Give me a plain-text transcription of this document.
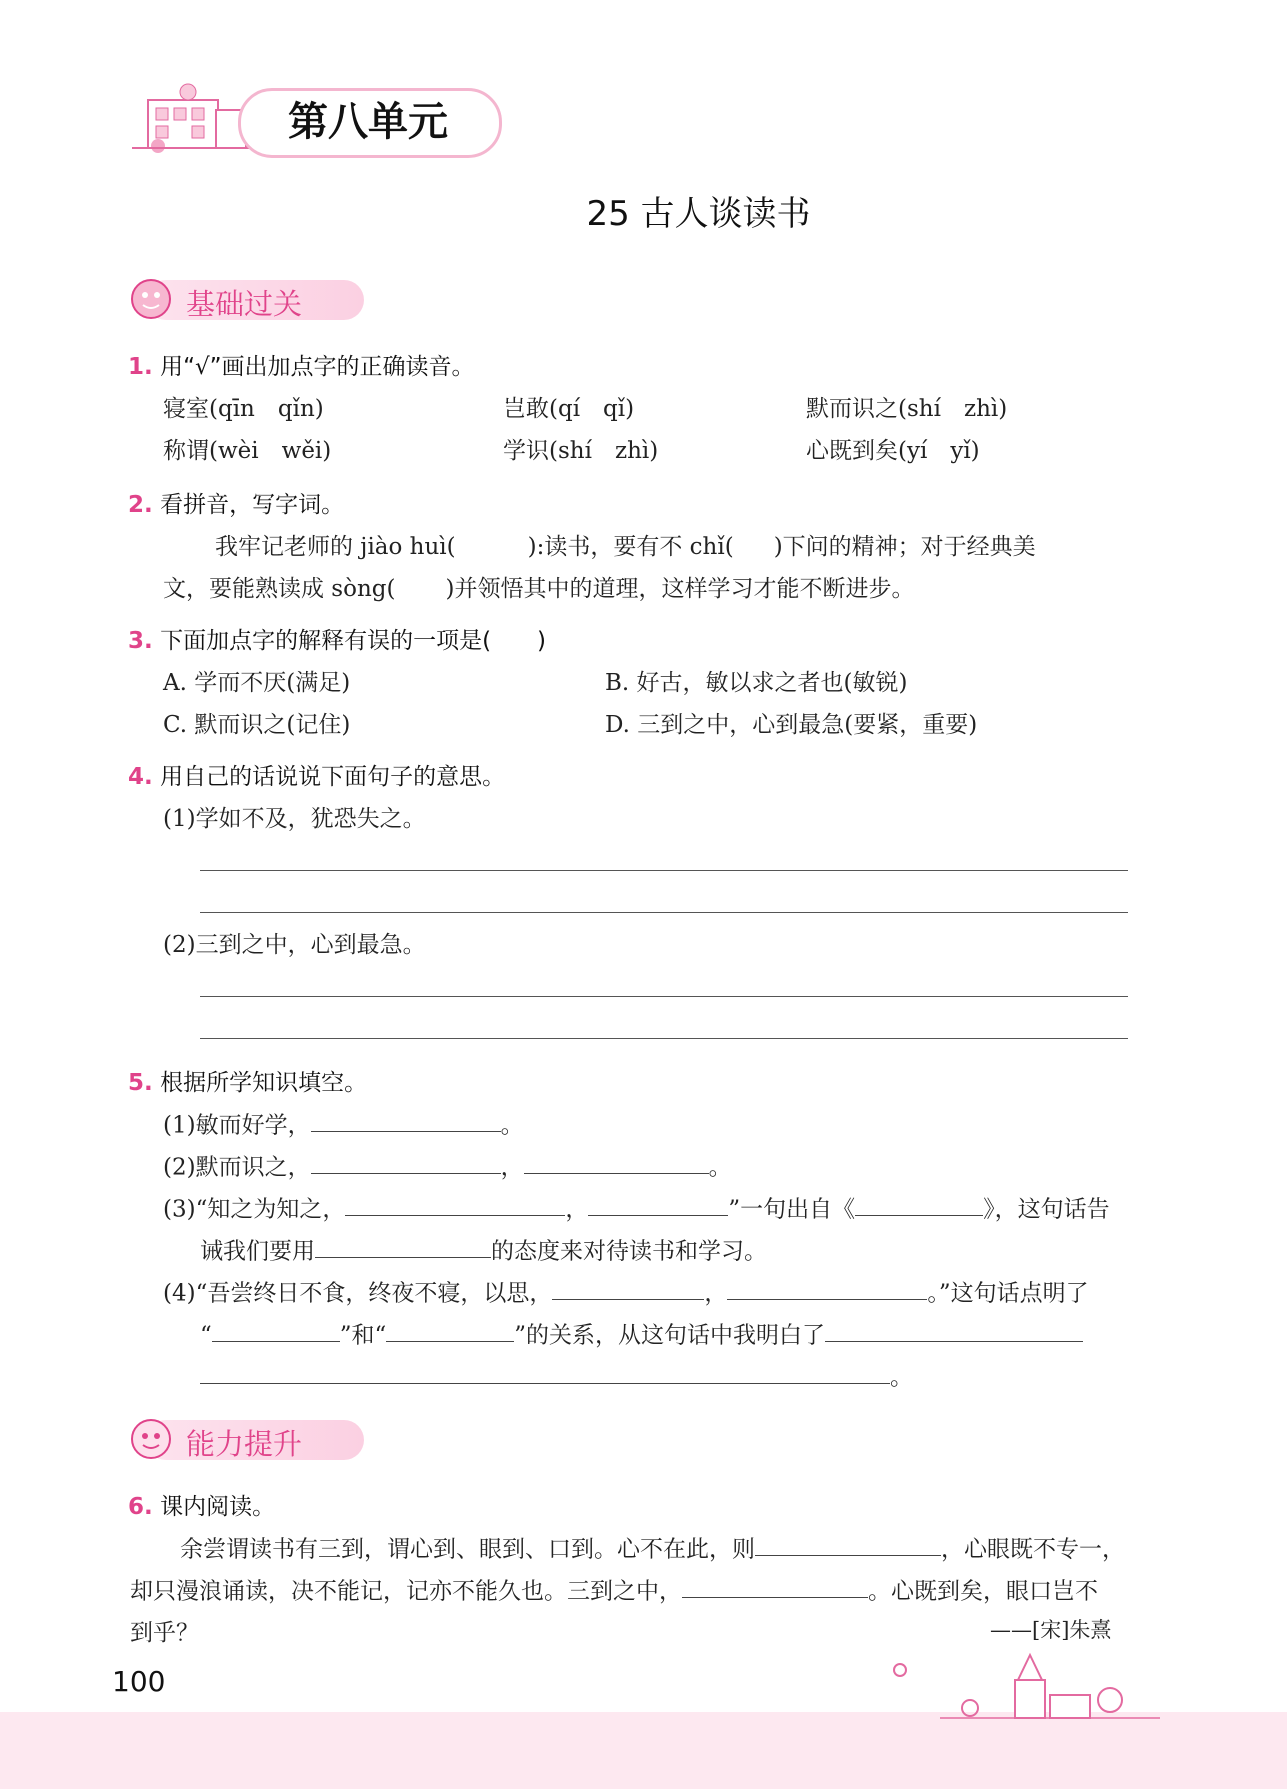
第八单元
25 古人谈读书
基础过关
1. 用“√”画出加点字的正确读音。
寝室(qīn　qǐn)	岂敢(qí　qǐ)	默而识之(shí　zhì)
称谓(wèi　wěi)	学识(shí　zhì)	心既到矣(yí　yǐ)
2. 看拼音，写字词。
我牢记老师的 jiào huì(	):读书，要有不 chǐ( )下问的精神；对于经典美
文，要能熟读成 sòng( )并领悟其中的道理，这样学习才能不断进步。
3. 下面加点字的解释有误的一项是(　　)
A. 学而不厌(满足)	B. 好古，敏以求之者也(敏锐)
C. 默而识之(记住)	D. 三到之中，心到最急(要紧，重要)
4. 用自己的话说说下面句子的意思。
(1)学如不及，犹恐失之。
(2)三到之中，心到最急。
5. 根据所学知识填空。
(1)敏而好学，	。
(2)默而识之，	，	。
(3)“知之为知之，	，	”一句出自《	》，这句话告
诫我们要用	的态度来对待读书和学习。
(4)“吾尝终日不食，终夜不寝，以思，	，	。”这句话点明了
“	”和“	”的关系，从这句话中我明白了
。
能力提升
6. 课内阅读。
余尝谓读书有三到，谓心到、眼到、口到。心不在此，则	，心眼既不专一，
却只漫浪诵读，决不能记，记亦不能久也。三到之中，	。心既到矣，眼口岂不
到乎？	——[宋]朱熹
100
